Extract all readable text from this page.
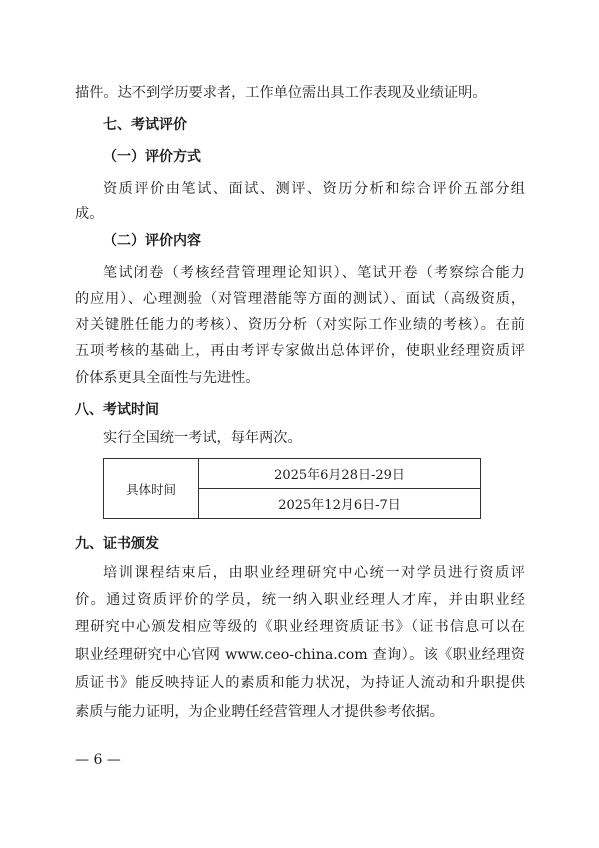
描件。达不到学历要求者，工作单位需出具工作表现及业绩证明。
七、考试评价
（一）评价方式
资质评价由笔试、面试、测评、资历分析和综合评价五部分组
成。
（二）评价内容
笔试闭卷（考核经营管理理论知识）、笔试开卷（考察综合能力
的应用）、心理测验（对管理潜能等方面的测试）、面试（高级资质，
对关键胜任能力的考核）、资历分析（对实际工作业绩的考核）。在前
五项考核的基础上，再由考评专家做出总体评价，使职业经理资质评
价体系更具全面性与先进性。
八、考试时间
实行全国统一考试，每年两次。
具体时间	2025年6月28日-29日
2025年12月6日-7日
九、证书颁发
培训课程结束后，由职业经理研究中心统一对学员进行资质评
价。通过资质评价的学员，统一纳入职业经理人才库，并由职业经
理研究中心颁发相应等级的《职业经理资质证书》（证书信息可以在
职业经理研究中心官网 www.ceo-china.com 查询）。该《职业经理资
质证书》能反映持证人的素质和能力状况，为持证人流动和升职提供
素质与能力证明，为企业聘任经营管理人才提供参考依据。
— 6 —
